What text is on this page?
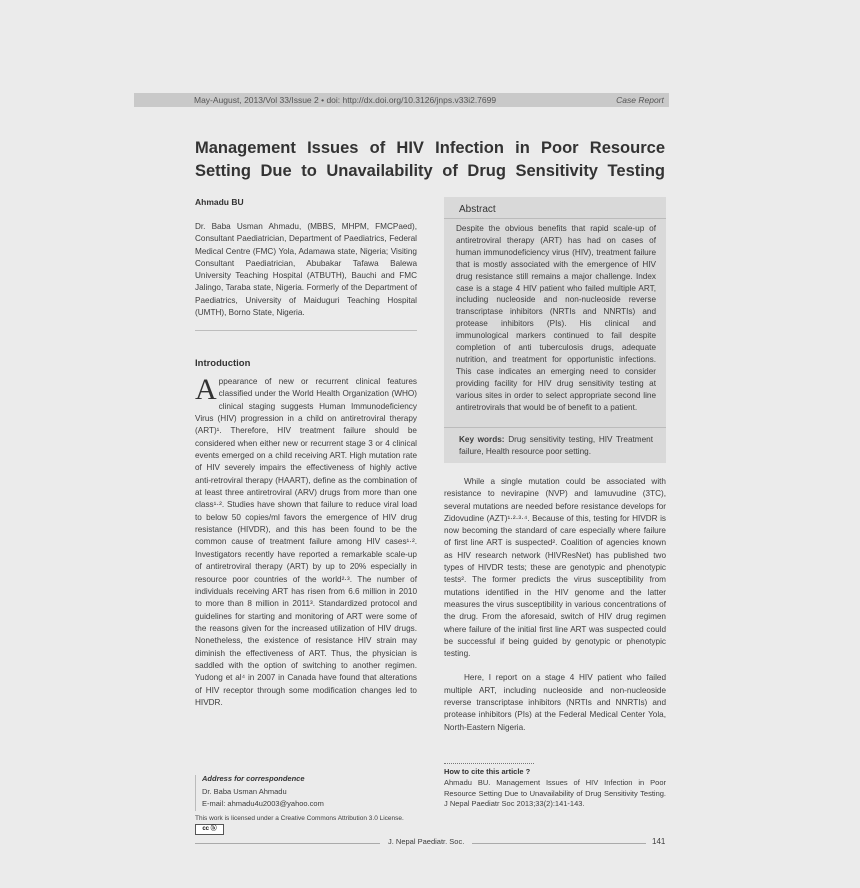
May-August, 2013/Vol 33/Issue 2 • doi: http://dx.doi.org/10.3126/jnps.v33i2.7699	Case Report
Management Issues of HIV Infection in Poor Resource
Setting Due to Unavailability of Drug Sensitivity Testing
Ahmadu BU
Dr. Baba Usman Ahmadu, (MBBS, MHPM, FMCPaed), Consultant Paediatrician, Department of Paediatrics, Federal Medical Centre (FMC) Yola, Adamawa state, Nigeria; Visiting Consultant Paediatrician, Abubakar Tafawa Balewa University Teaching Hospital (ATBUTH), Bauchi and FMC Jalingo, Taraba state, Nigeria. Formerly of the Department of Paediatrics, University of Maiduguri Teaching Hospital (UMTH), Borno State, Nigeria.
Introduction
A ppearance of new or recurrent clinical features classified under the World Health Organization (WHO) clinical staging suggests Human Immunodeficiency Virus (HIV) progression in a child on antiretroviral therapy (ART)¹. Therefore, HIV treatment failure should be considered when either new or recurrent stage 3 or 4 clinical events emerged on a child receiving ART. High mutation rate of HIV severely impairs the effectiveness of highly active anti-retroviral therapy (HAART), define as the combination of at least three antiretroviral (ARV) drugs from more than one class¹·². Studies have shown that failure to reduce viral load to below 50 copies/ml favors the emergence of HIV drug resistance (HIVDR), and this has been found to be the common cause of treatment failure among HIV cases¹·². Investigators recently have reported a remarkable scale-up of antiretroviral therapy (ART) by up to 20% especially in resource poor countries of the world²·³. The number of individuals receiving ART has risen from 6.6 million in 2010 to more than 8 million in 2011³. Standardized protocol and guidelines for starting and monitoring of ART were some of the reasons given for the increased utilization of HIV drugs. Nonetheless, the existence of resistance HIV strain may diminish the effectiveness of ART. Thus, the physician is saddled with the option of switching to another regimen. Yudong et al⁴ in 2007 in Canada have found that alterations of HIV receptor through some modification changes led to HIVDR.
Abstract
Despite the obvious benefits that rapid scale-up of antiretroviral therapy (ART) has had on cases of human immunodeficiency virus (HIV), treatment failure that is mostly associated with the emergence of HIV drug resistance still remains a major challenge. Index case is a stage 4 HIV patient who failed multiple ART, including nucleoside and non-nucleoside reverse transcriptase inhibitors (NRTIs and NNRTIs) and protease inhibitors (PIs). His clinical and immunological markers continued to fail despite completion of anti tuberculosis drugs, adequate nutrition, and treatment for opportunistic infections. This case indicates an emerging need to consider providing facility for HIV drug sensitivity testing at various sites in order to select appropriate second line antiretrovirals that would be of benefit to a patient.
Key words: Drug sensitivity testing, HIV Treatment failure, Health resource poor setting.

While a single mutation could be associated with resistance to nevirapine (NVP) and lamuvudine (3TC), several mutations are needed before resistance develops for Zidovudine (AZT)¹·²·³·⁴. Because of this, testing for HIVDR is now becoming the standard of care especially where failure of first line ART is suspected². Coalition of agencies known as HIV research network (HIVResNet) has published two types of HIVDR tests; these are genotypic and phenotypic tests². The former predicts the virus susceptibility from mutations identified in the HIV genome and the latter measures the virus susceptibility in various concentrations of the drug. From the aforesaid, switch of HIV drug regimen where failure of the initial first line ART was suspected could be successful if being guided by genotypic or phenotypic testing.

Here, I report on a stage 4 HIV patient who failed multiple ART, including nucleoside and non-nucleoside reverse transcriptase inhibitors (NRTIs and NNRTIs) and protease inhibitors (PIs) at the Federal Medical Center Yola, North-Eastern Nigeria.

How to cite this article ?
Ahmadu BU. Management Issues of HIV Infection in Poor Resource Setting Due to Unavailability of Drug Sensitivity Testing. J Nepal Paediatr Soc 2013;33(2):141-143.
Address for correspondence
Dr. Baba Usman Ahmadu
E-mail: ahmadu4u2003@yahoo.com
This work is licensed under a Creative Commons Attribution 3.0 License.
cc ⓑ
J. Nepal Paediatr. Soc.	141
